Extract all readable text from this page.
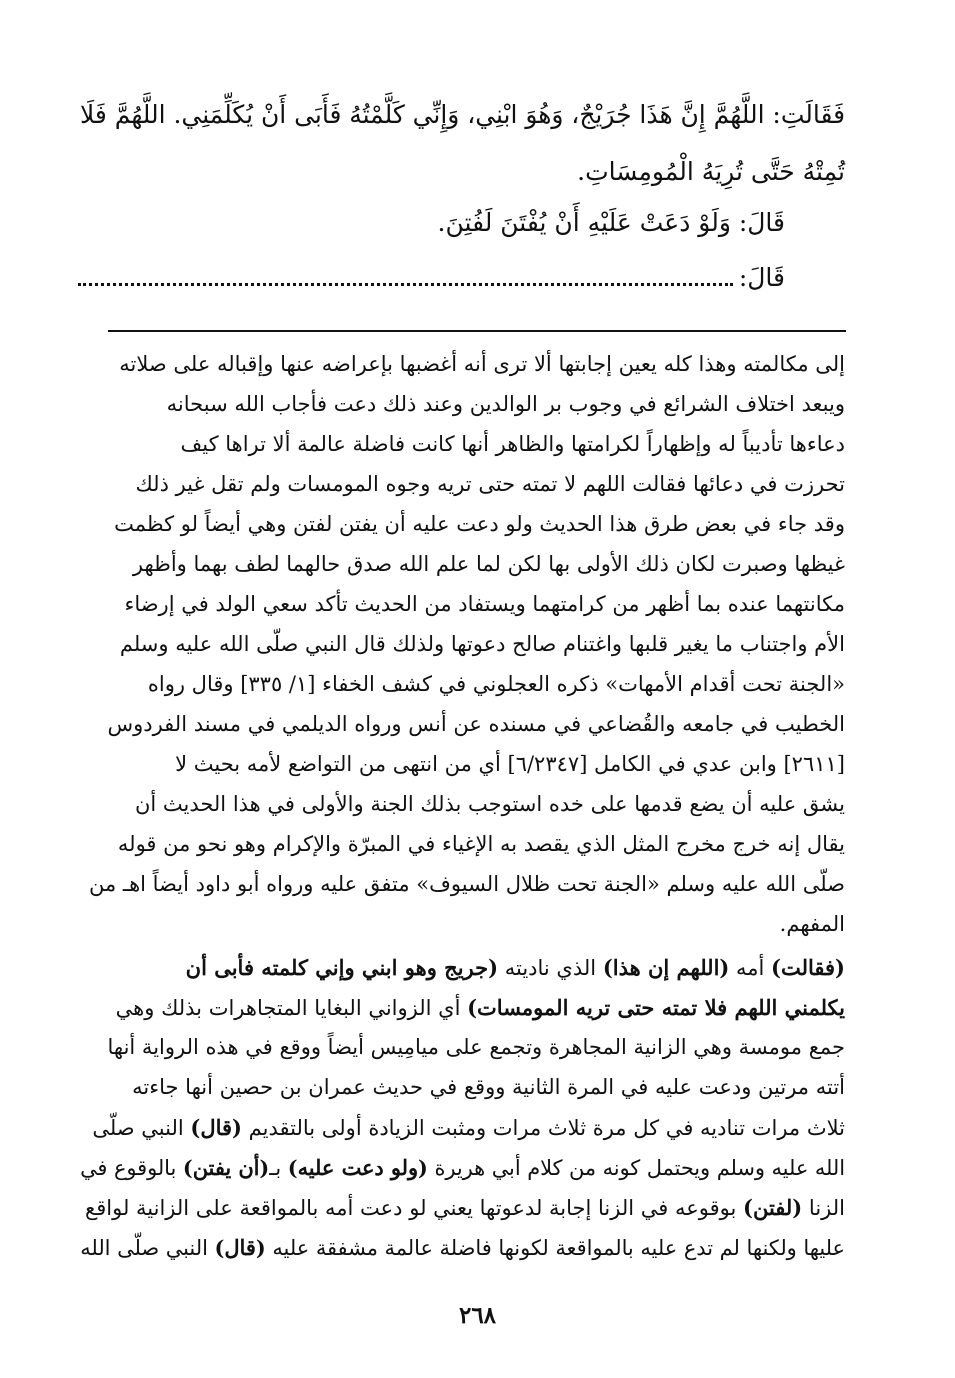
فَقَالَتِ: اللَّهُمَّ إِنَّ هَذَا جُرَيْجٌ، وَهُوَ ابْنِي، وَإِنِّي كَلَّمْتُهُ فَأَبَى أَنْ يُكَلِّمَنِي. اللَّهُمَّ فَلَا

تُمِتْهُ حَتَّى تُرِيَهُ الْمُومِسَاتِ.

قَالَ: وَلَوْ دَعَتْ عَلَيْهِ أَنْ يُفْتَنَ لَفُتِنَ.

قَالَ:

إلى مكالمته وهذا كله يعين إجابتها ألا ترى أنه أغضبها بإعراضه عنها وإقباله على صلاته

ويبعد اختلاف الشرائع في وجوب بر الوالدين وعند ذلك دعت فأجاب الله سبحانه

دعاءها تأديباً له وإظهاراً لكرامتها والظاهر أنها كانت فاضلة عالمة ألا تراها كيف

تحرزت في دعائها فقالت اللهم لا تمته حتى تريه وجوه المومسات ولم تقل غير ذلك

وقد جاء في بعض طرق هذا الحديث ولو دعت عليه أن يفتن لفتن وهي أيضاً لو كظمت

غيظها وصبرت لكان ذلك الأولى بها لكن لما علم الله صدق حالهما لطف بهما وأظهر

مكانتهما عنده بما أظهر من كرامتهما ويستفاد من الحديث تأكد سعي الولد في إرضاء

الأم واجتناب ما يغير قلبها واغتنام صالح دعوتها ولذلك قال النبي صلّى الله عليه وسلم

«الجنة تحت أقدام الأمهات» ذكره العجلوني في كشف الخفاء [١/ ٣٣٥] وقال رواه

الخطيب في جامعه والقُضاعي في مسنده عن أنس ورواه الديلمي في مسند الفردوس

[٢٦١١] وابن عدي في الكامل [٦/٢٣٤٧] أي من انتهى من التواضع لأمه بحيث لا

يشق عليه أن يضع قدمها على خده استوجب بذلك الجنة والأولى في هذا الحديث أن

يقال إنه خرج مخرج المثل الذي يقصد به الإغياء في المبرّة والإكرام وهو نحو من قوله

صلّى الله عليه وسلم «الجنة تحت ظلال السيوف» متفق عليه ورواه أبو داود أيضاً اهـ من

المفهم.

(فقالت) أمه (اللهم إن هذا) الذي ناديته (جريج وهو ابني وإني كلمته فأبى أن

يكلمني اللهم فلا تمته حتى تريه المومسات) أي الزواني البغايا المتجاهرات بذلك وهي

جمع مومسة وهي الزانية المجاهرة وتجمع على ميامِيس أيضاً ووقع في هذه الرواية أنها

أتته مرتين ودعت عليه في المرة الثانية ووقع في حديث عمران بن حصين أنها جاءته

ثلاث مرات تناديه في كل مرة ثلاث مرات ومثبت الزيادة أولى بالتقديم (قال) النبي صلّى

الله عليه وسلم ويحتمل كونه من كلام أبي هريرة (ولو دعت عليه) بـ(أن يفتن) بالوقوع في

الزنا (لفتن) بوقوعه في الزنا إجابة لدعوتها يعني لو دعت أمه بالمواقعة على الزانية لواقع

عليها ولكنها لم تدع عليه بالمواقعة لكونها فاضلة عالمة مشفقة عليه (قال) النبي صلّى الله

٢٦٨
